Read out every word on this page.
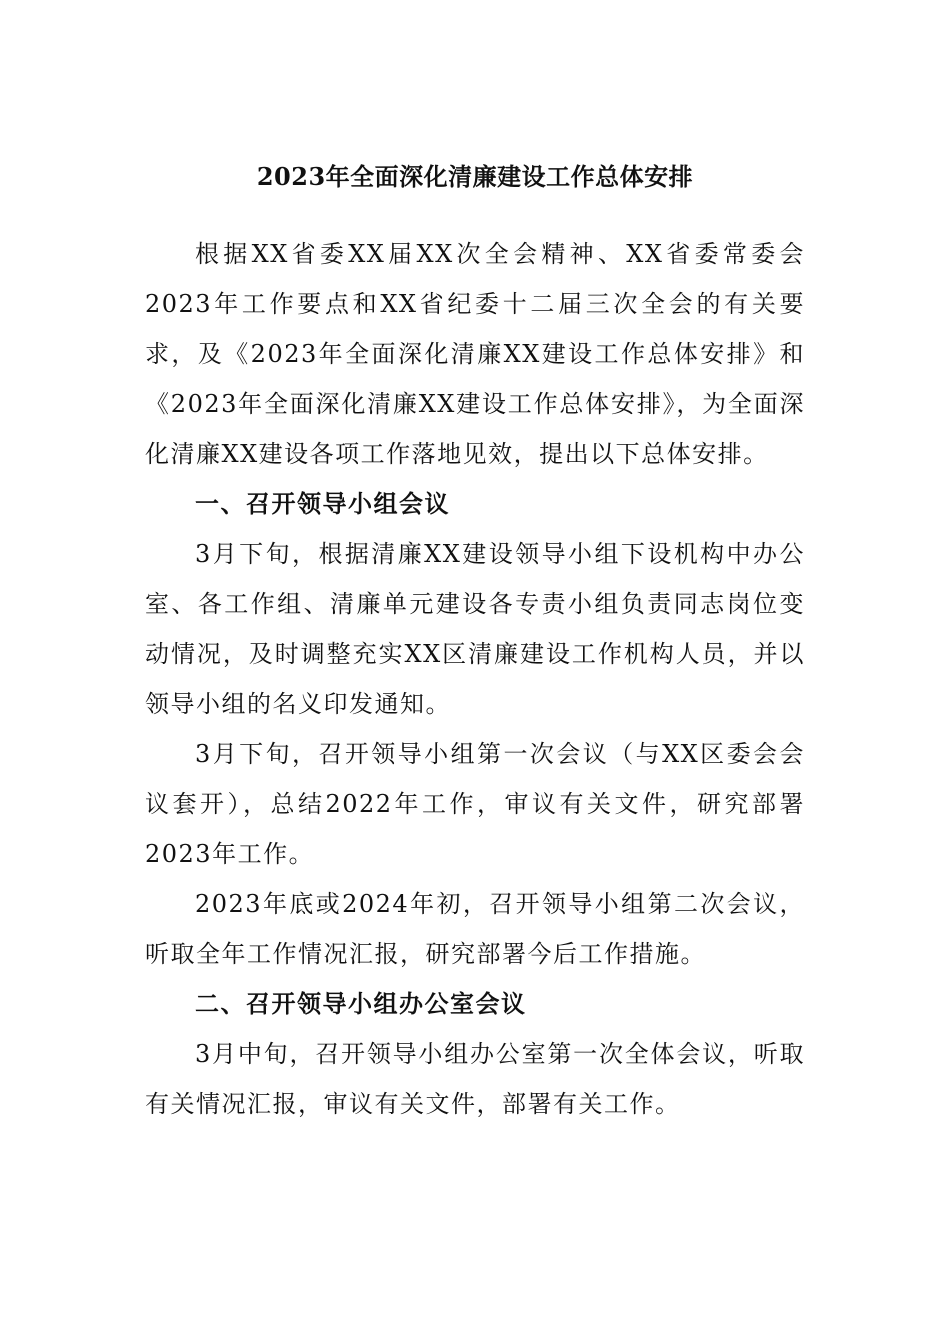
2023年全面深化清廉建设工作总体安排

根据XX省委XX届XX次全会精神、XX省委常委会2023年工作要点和XX省纪委十二届三次全会的有关要求，及《2023年全面深化清廉XX建设工作总体安排》和《2023年全面深化清廉XX建设工作总体安排》，为全面深化清廉XX建设各项工作落地见效，提出以下总体安排。

一、召开领导小组会议

3月下旬，根据清廉XX建设领导小组下设机构中办公室、各工作组、清廉单元建设各专责小组负责同志岗位变动情况，及时调整充实XX区清廉建设工作机构人员，并以领导小组的名义印发通知。

3月下旬，召开领导小组第一次会议（与XX区委会会议套开），总结2022年工作，审议有关文件，研究部署2023年工作。

2023年底或2024年初，召开领导小组第二次会议，听取全年工作情况汇报，研究部署今后工作措施。

二、召开领导小组办公室会议

3月中旬，召开领导小组办公室第一次全体会议，听取有关情况汇报，审议有关文件，部署有关工作。
